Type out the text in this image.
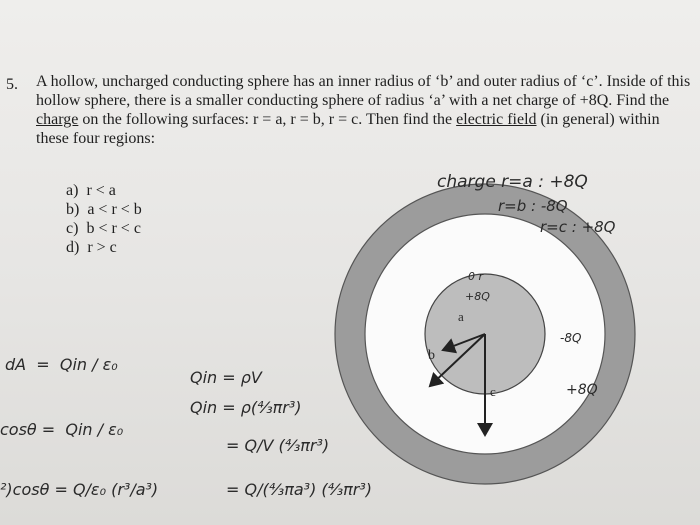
5. A hollow, uncharged conducting sphere has an inner radius of ‘b’ and outer radius of ‘c’. Inside of this hollow sphere, there is a smaller conducting sphere of radius ‘a’ with a net charge of +8Q. Find the charge on the following surfaces: r = a, r = b, r = c. Then find the electric field (in general) within these four regions:

a) r < a
b) a < r < b
c) b < r < c
d) r > c
a
b
c
0 r
+8Q
-8Q
+8Q
charge r=a : +8Q
r=b : -8Q
r=c : +8Q
dA  =  Qin / ε₀
cosθ =  Qin / ε₀
²)cosθ = Q/ε₀ (r³/a³)
Qin = ρV
Qin = ρ(⁴⁄₃πr³)
= Q/V (⁴⁄₃πr³)
= Q/(⁴⁄₃πa³) (⁴⁄₃πr³)
